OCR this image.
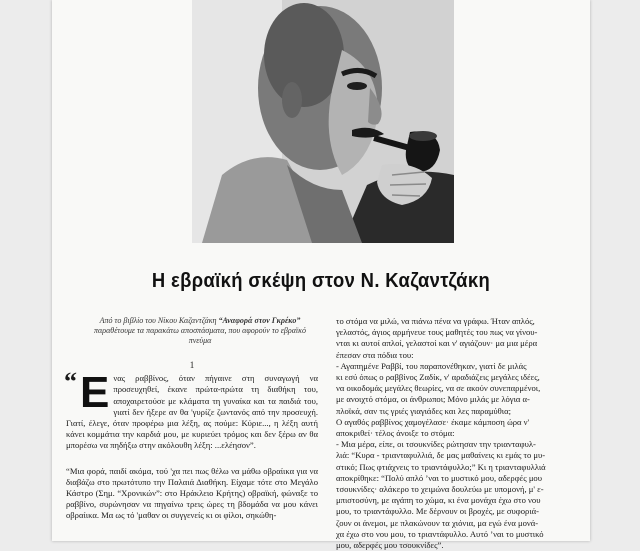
Η εβραϊκή σκέψη στον Ν. Καζαντζάκη
Από το βιβλίο του Νίκου Καζαντζάκη “Αναφορά στον Γκρέκο” παραθέτουμε τα παρακάτω αποσπάσματα, που αφορούν το εβραϊκό πνεύμα
1
“ Ε νας ραββίνος, όταν πήγαινε στη συναγωγή να προσευχηθεί, έκανε πρώτα-πρώτα τη διαθήκη του, αποχαιρετούσε με κλάματα τη γυναίκα και τα παιδιά του, γιατί δεν ήξερε αν θα 'γυρίζε ζωντανός από την προσευχή. Γιατί, έλεγε, όταν προφέρω μια λέξη, ας πούμε: Κύριε..., η λέξη αυτή κάνει κομμάτια την καρδιά μου, με κυριεύει τρόμος και δεν ξέρω αν θα μπορέσω να πηδήξω στην ακόλουθη λέξη: ...ελέησον”.
“Μια φορά, παιδί ακόμα, τού 'χα πει πως θέλω να μάθω οβραίικα για να διαβάζω στο πρωτότυπο την Παλαιά Διαθήκη. Είχαμε τότε στο Μεγάλο Κάστρο (Σημ. “Χρονικών”: στο Ηράκλειο Κρήτης) οβραϊκή, φώναξε το ραββίνο, συρώνησαν να πηγαίνω τρεις ώρες τη βδομάδα να μου κάνει οβραίικα. Μα ως τό 'μαθαν οι συγγενείς κι οι φίλοι, σηκώθη-
το στόμα να μιλώ, να πιάνω πένα να γράφω. Ήταν απλός,
γελαστός, άγιος αρμήνευε τους μαθητές του πως να γίνου-
νται κι αυτοί απλοί, γελαστοί και ν' αγιάζουν· μα μια μέρα
έπεσαν στα πόδια του:
- Αγαπημένε Ραββί, του παραπονέθηκαν, γιατί δε μιλάς
κι εσύ όπως ο ραββίνος Ζαδίκ, ν' αραδιάζεις μεγάλες ιδέες,
να οικοδομάς μεγάλες θεωρίες, να σε ακούν συνεπαρμένοι,
με ανοιχτό στόμα, οι άνθρωποι; Μόνο μιλάς με λόγια α-
πλοϊκά, σαν τις γριές γιαγιάδες και λες παραμύθια;
Ο αγαθός ραββίνος χαμογέλασε· έκαμε κάμποση ώρα ν'
αποκριθεί· τέλος άνοιξε το στόμα:
- Μια μέρα, είπε, οι τσουκνίδες ρώτησαν την τριανταφυλ-
λιά: “Κυρα - τριανταφυλλιά, δε μας μαθαίνεις κι εμάς το μυ-
στικό; Πως φτιάχνεις το τριαντάφυλλο;” Κι η τριανταφυλλιά
αποκρίθηκε: “Πολύ απλό ’ναι το μυστικό μου, αδερφές μου
τσουκνίδες· αλάκερο το χειμώνα δουλεύω με υπομονή, μ' ε-
μπιστοσύνη, με αγάπη το χώμα, κι ένα μονάχα έχω στο νου
μου, το τριαντάφυλλο. Με δέρνουν οι βροχές, με συφοριά-
ζουν οι άνεμοι, με πλακώνουν τα χιόνια, μα εγώ ένα μονά-
χα έχω στο νου μου, το τριαντάφυλλο. Αυτό ’ναι το μυστικό
μου, αδερφές μου τσουκνίδες”.
